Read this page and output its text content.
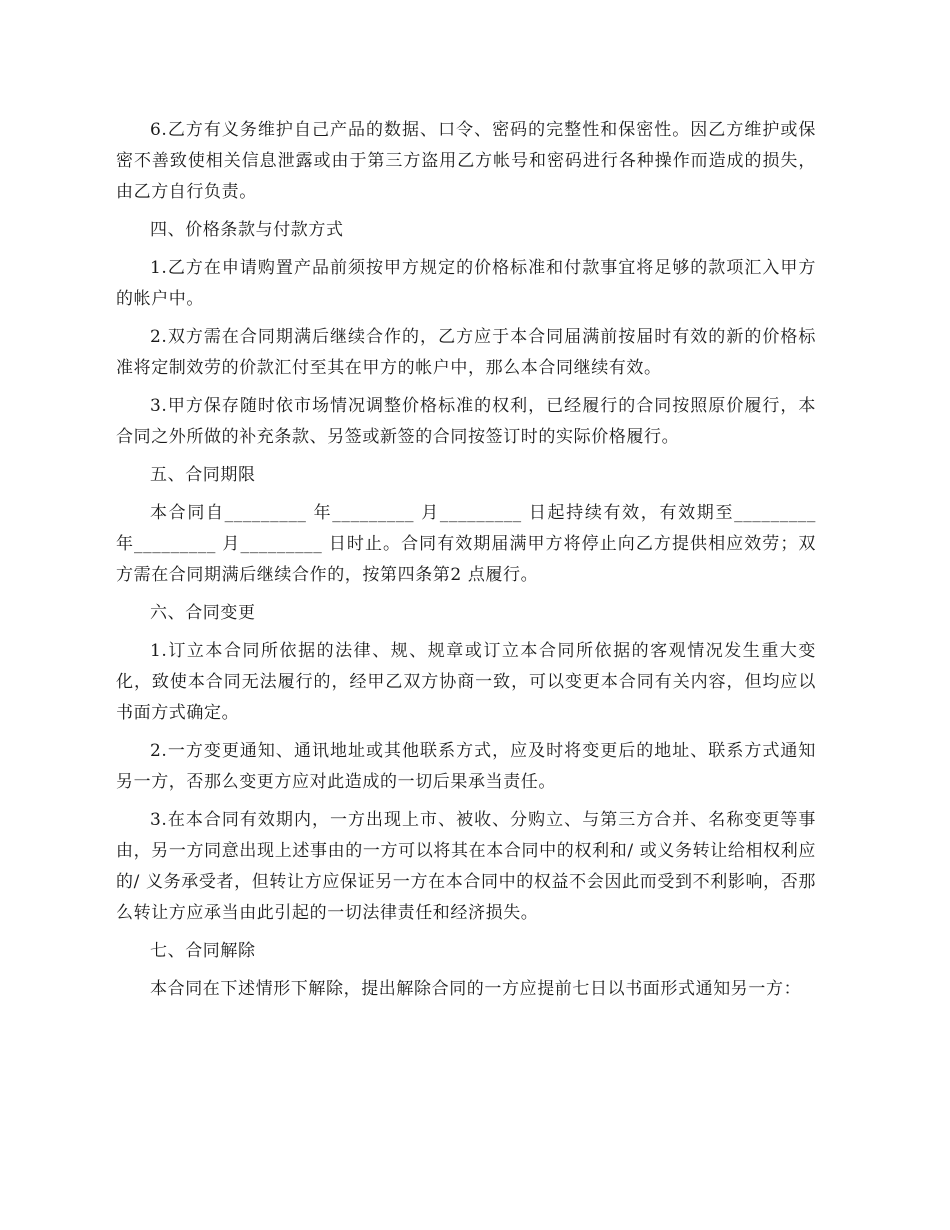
6.乙方有义务维护自己产品的数据、口令、密码的完整性和保密性。因乙方维护或保密不善致使相关信息泄露或由于第三方盗用乙方帐号和密码进行各种操作而造成的损失，由乙方自行负责。

四、价格条款与付款方式

1.乙方在申请购置产品前须按甲方规定的价格标准和付款事宜将足够的款项汇入甲方的帐户中。

2.双方需在合同期满后继续合作的，乙方应于本合同届满前按届时有效的新的价格标准将定制效劳的价款汇付至其在甲方的帐户中，那么本合同继续有效。

3.甲方保存随时依市场情况调整价格标准的权利，已经履行的合同按照原价履行，本合同之外所做的补充条款、另签或新签的合同按签订时的实际价格履行。

五、合同期限

本合同自_________ 年_________ 月_________ 日起持续有效，有效期至_________ 年_________ 月_________ 日时止。合同有效期届满甲方将停止向乙方提供相应效劳；双方需在合同期满后继续合作的，按第四条第2 点履行。

六、合同变更

1.订立本合同所依据的法律、规、规章或订立本合同所依据的客观情况发生重大变化，致使本合同无法履行的，经甲乙双方协商一致，可以变更本合同有关内容，但均应以书面方式确定。

2.一方变更通知、通讯地址或其他联系方式，应及时将变更后的地址、联系方式通知另一方，否那么变更方应对此造成的一切后果承当责任。

3.在本合同有效期内，一方出现上市、被收、分购立、与第三方合并、名称变更等事由，另一方同意出现上述事由的一方可以将其在本合同中的权利和/ 或义务转让给相权利应的/ 义务承受者，但转让方应保证另一方在本合同中的权益不会因此而受到不利影响，否那么转让方应承当由此引起的一切法律责任和经济损失。

七、合同解除

本合同在下述情形下解除，提出解除合同的一方应提前七日以书面形式通知另一方：
